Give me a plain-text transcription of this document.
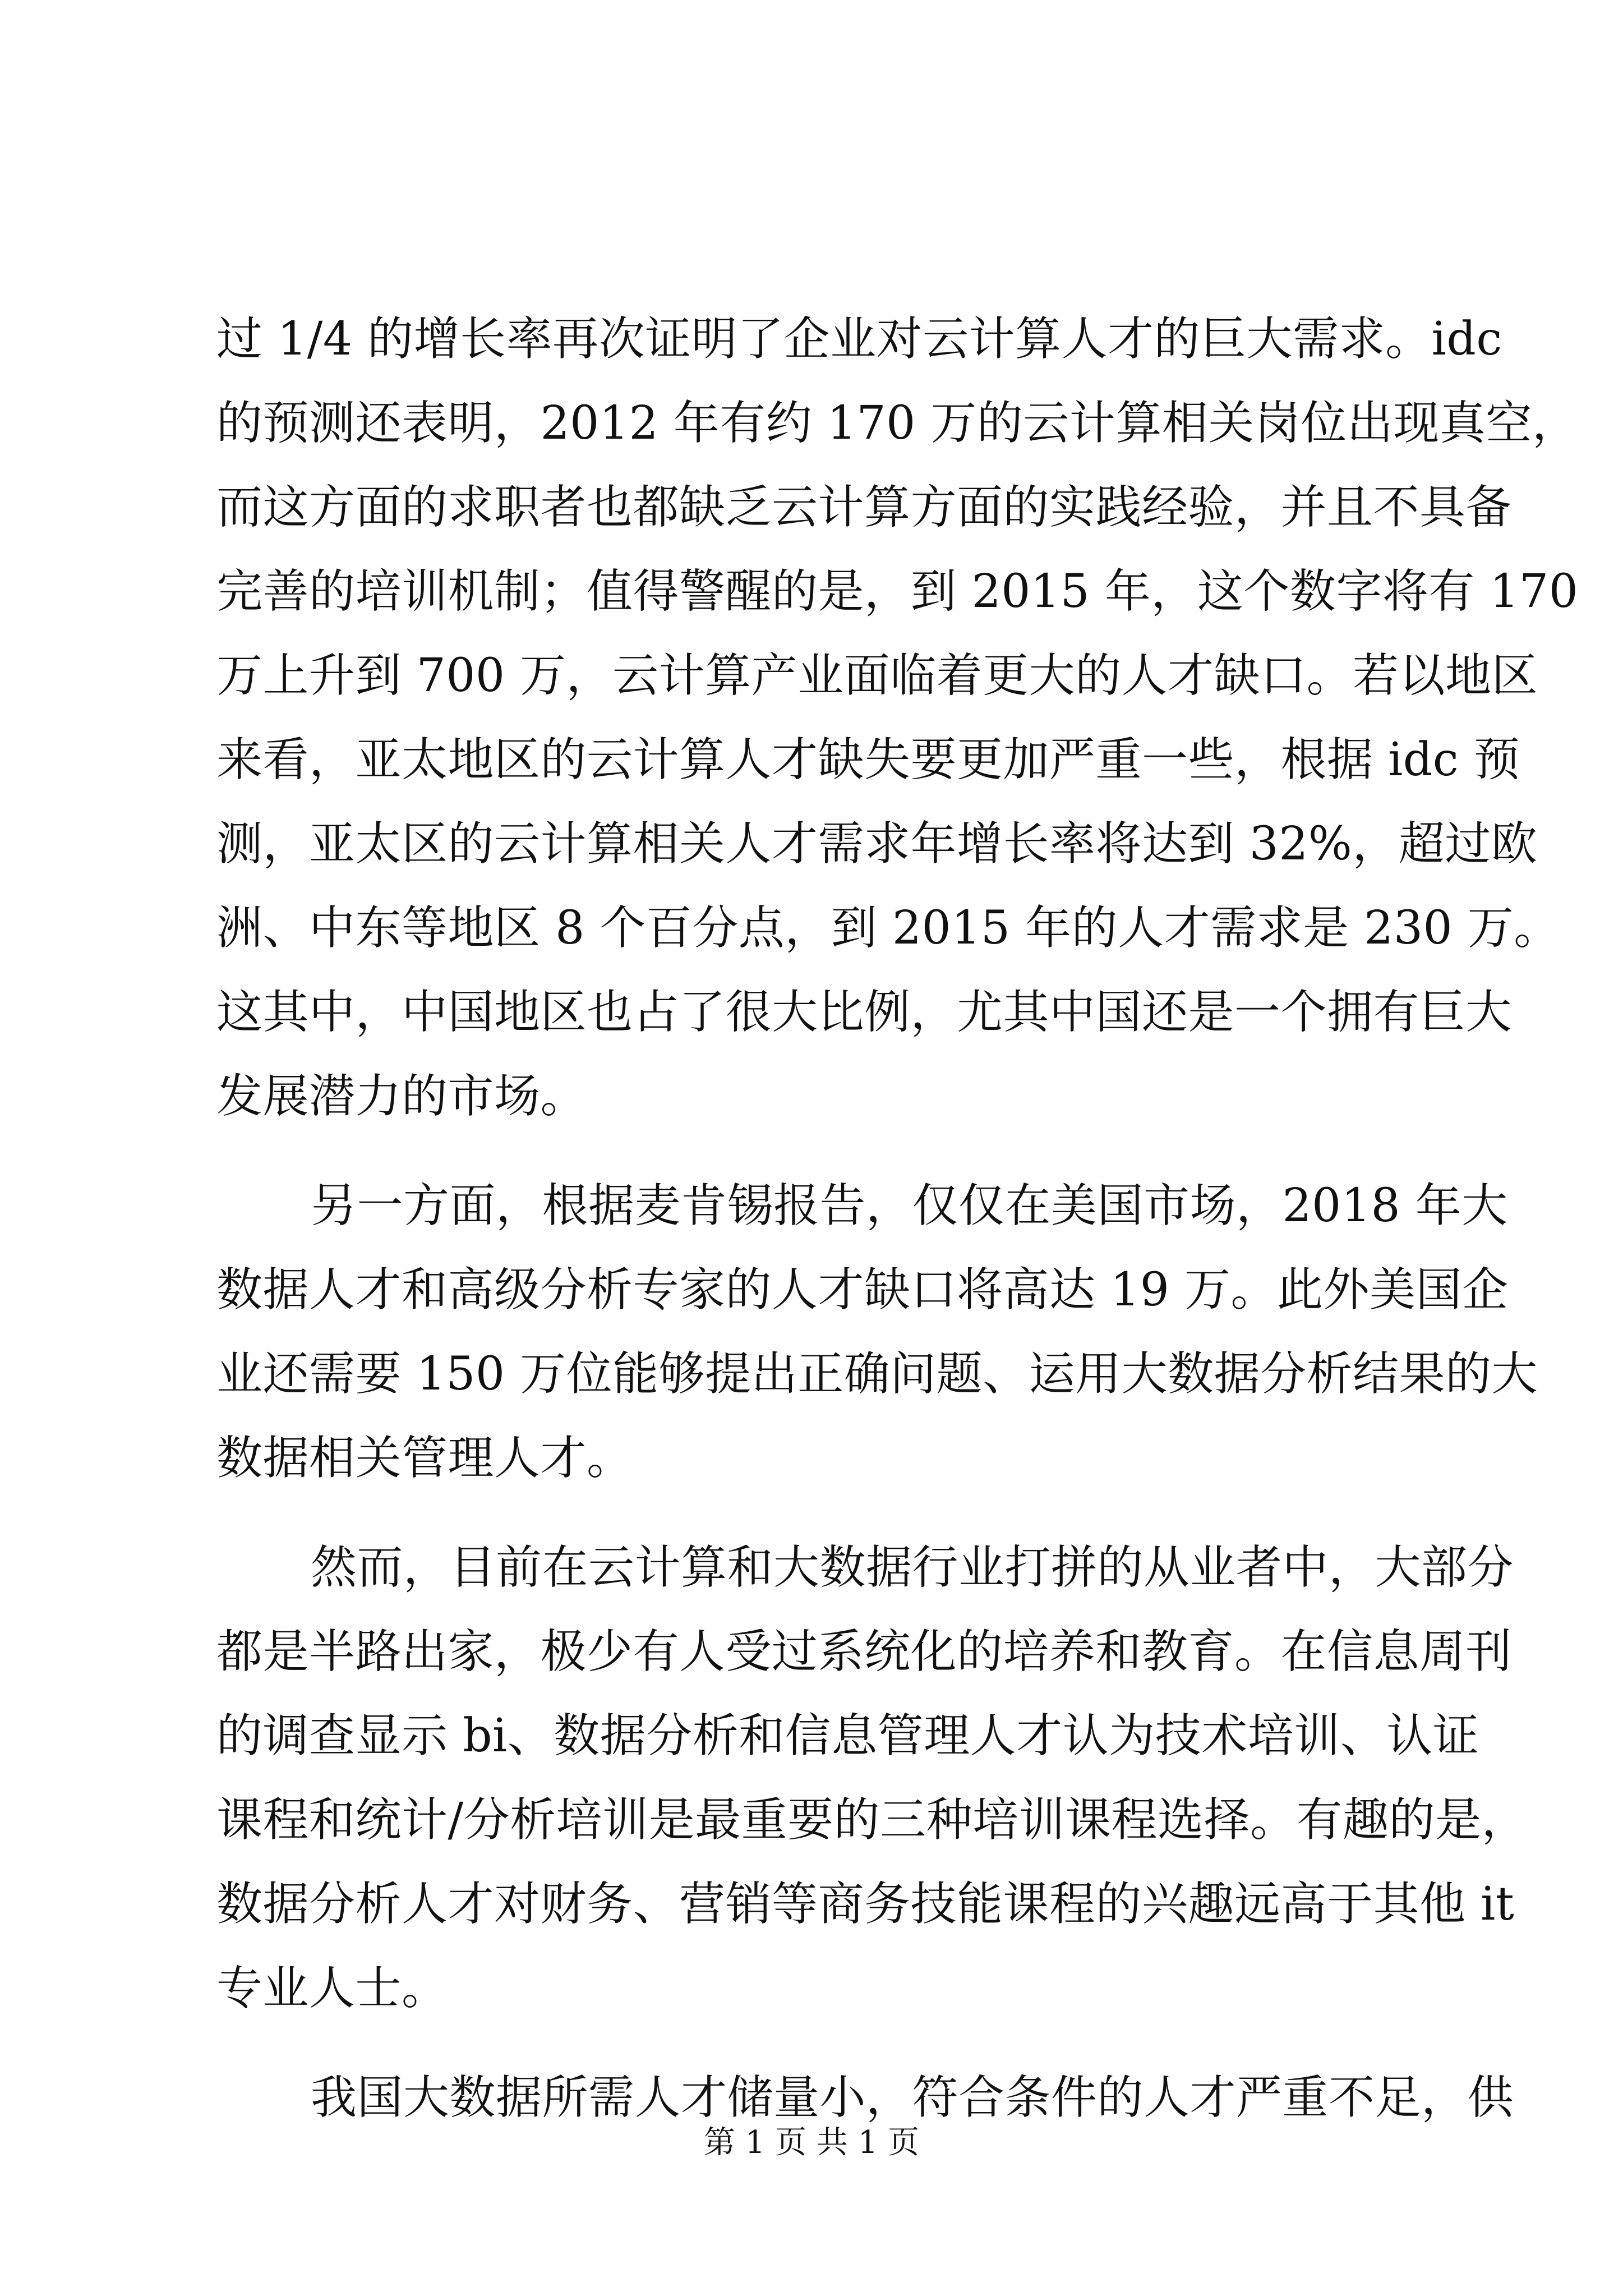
过 1/4 的增长率再次证明了企业对云计算人才的巨大需求。idc
的预测还表明，2012 年有约 170 万的云计算相关岗位出现真空，
而这方面的求职者也都缺乏云计算方面的实践经验，并且不具备
完善的培训机制；值得警醒的是，到 2015 年，这个数字将有 170
万上升到 700 万，云计算产业面临着更大的人才缺口。若以地区
来看，亚太地区的云计算人才缺失要更加严重一些，根据 idc 预
测，亚太区的云计算相关人才需求年增长率将达到 32%，超过欧
洲、中东等地区 8 个百分点，到 2015 年的人才需求是 230 万。
这其中，中国地区也占了很大比例，尤其中国还是一个拥有巨大
发展潜力的市场。
另一方面，根据麦肯锡报告，仅仅在美国市场，2018 年大
数据人才和高级分析专家的人才缺口将高达 19 万。此外美国企
业还需要 150 万位能够提出正确问题、运用大数据分析结果的大
数据相关管理人才。
然而，目前在云计算和大数据行业打拼的从业者中，大部分
都是半路出家，极少有人受过系统化的培养和教育。在信息周刊
的调查显示 bi、数据分析和信息管理人才认为技术培训、认证
课程和统计/分析培训是最重要的三种培训课程选择。有趣的是，
数据分析人才对财务、营销等商务技能课程的兴趣远高于其他 it
专业人士。
我国大数据所需人才储量小，符合条件的人才严重不足，供
第 1 页 共 1 页
